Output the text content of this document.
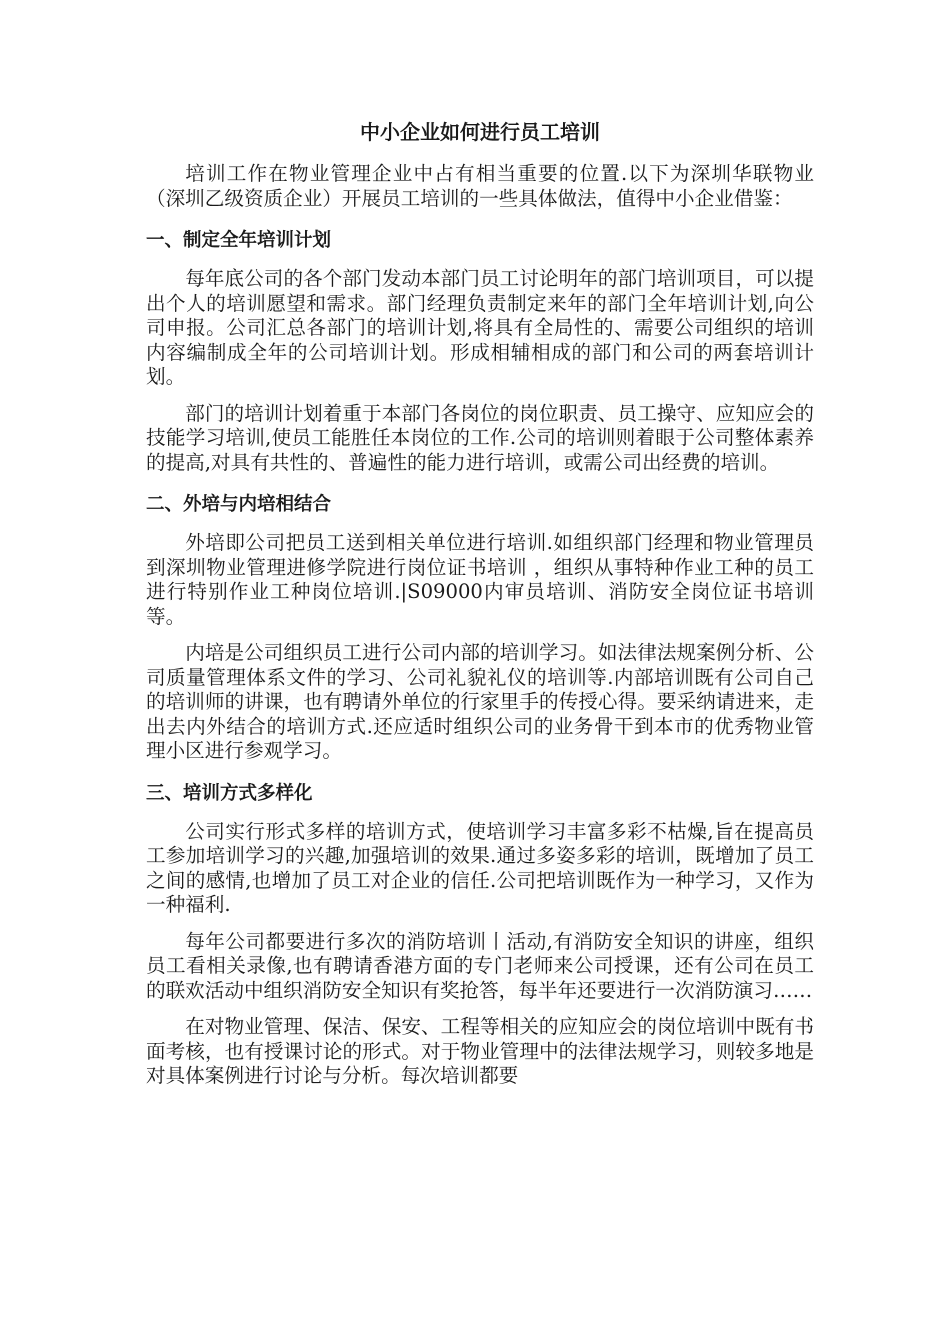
中小企业如何进行员工培训

培训工作在物业管理企业中占有相当重要的位置.以下为深圳华联物业（深圳乙级资质企业）开展员工培训的一些具体做法，值得中小企业借鉴：

一、制定全年培训计划

每年底公司的各个部门发动本部门员工讨论明年的部门培训项目，可以提出个人的培训愿望和需求。部门经理负责制定来年的部门全年培训计划,向公司申报。公司汇总各部门的培训计划,将具有全局性的、需要公司组织的培训内容编制成全年的公司培训计划。形成相辅相成的部门和公司的两套培训计划。

部门的培训计划着重于本部门各岗位的岗位职责、员工操守、应知应会的技能学习培训,使员工能胜任本岗位的工作.公司的培训则着眼于公司整体素养的提高,对具有共性的、普遍性的能力进行培训，或需公司出经费的培训。

二、外培与内培相结合

外培即公司把员工送到相关单位进行培训.如组织部门经理和物业管理员到深圳物业管理进修学院进行岗位证书培训 ，组织从事特种作业工种的员工进行特别作业工种岗位培训.|S09000内审员培训、消防安全岗位证书培训等。

内培是公司组织员工进行公司内部的培训学习。如法律法规案例分析、公司质量管理体系文件的学习、公司礼貌礼仪的培训等.内部培训既有公司自己的培训师的讲课，也有聘请外单位的行家里手的传授心得。要采纳请进来，走出去内外结合的培训方式.还应适时组织公司的业务骨干到本市的优秀物业管理小区进行参观学习。

三、培训方式多样化

公司实行形式多样的培训方式，使培训学习丰富多彩不枯燥,旨在提高员工参加培训学习的兴趣,加强培训的效果.通过多姿多彩的培训，既增加了员工之间的感情,也增加了员工对企业的信任.公司把培训既作为一种学习，又作为一种福利.

每年公司都要进行多次的消防培训丨活动,有消防安全知识的讲座，组织员工看相关录像,也有聘请香港方面的专门老师来公司授课，还有公司在员工的联欢活动中组织消防安全知识有奖抢答，每半年还要进行一次消防演习……

在对物业管理、保洁、保安、工程等相关的应知应会的岗位培训中既有书面考核，也有授课讨论的形式。对于物业管理中的法律法规学习，则较多地是对具体案例进行讨论与分析。每次培训都要
